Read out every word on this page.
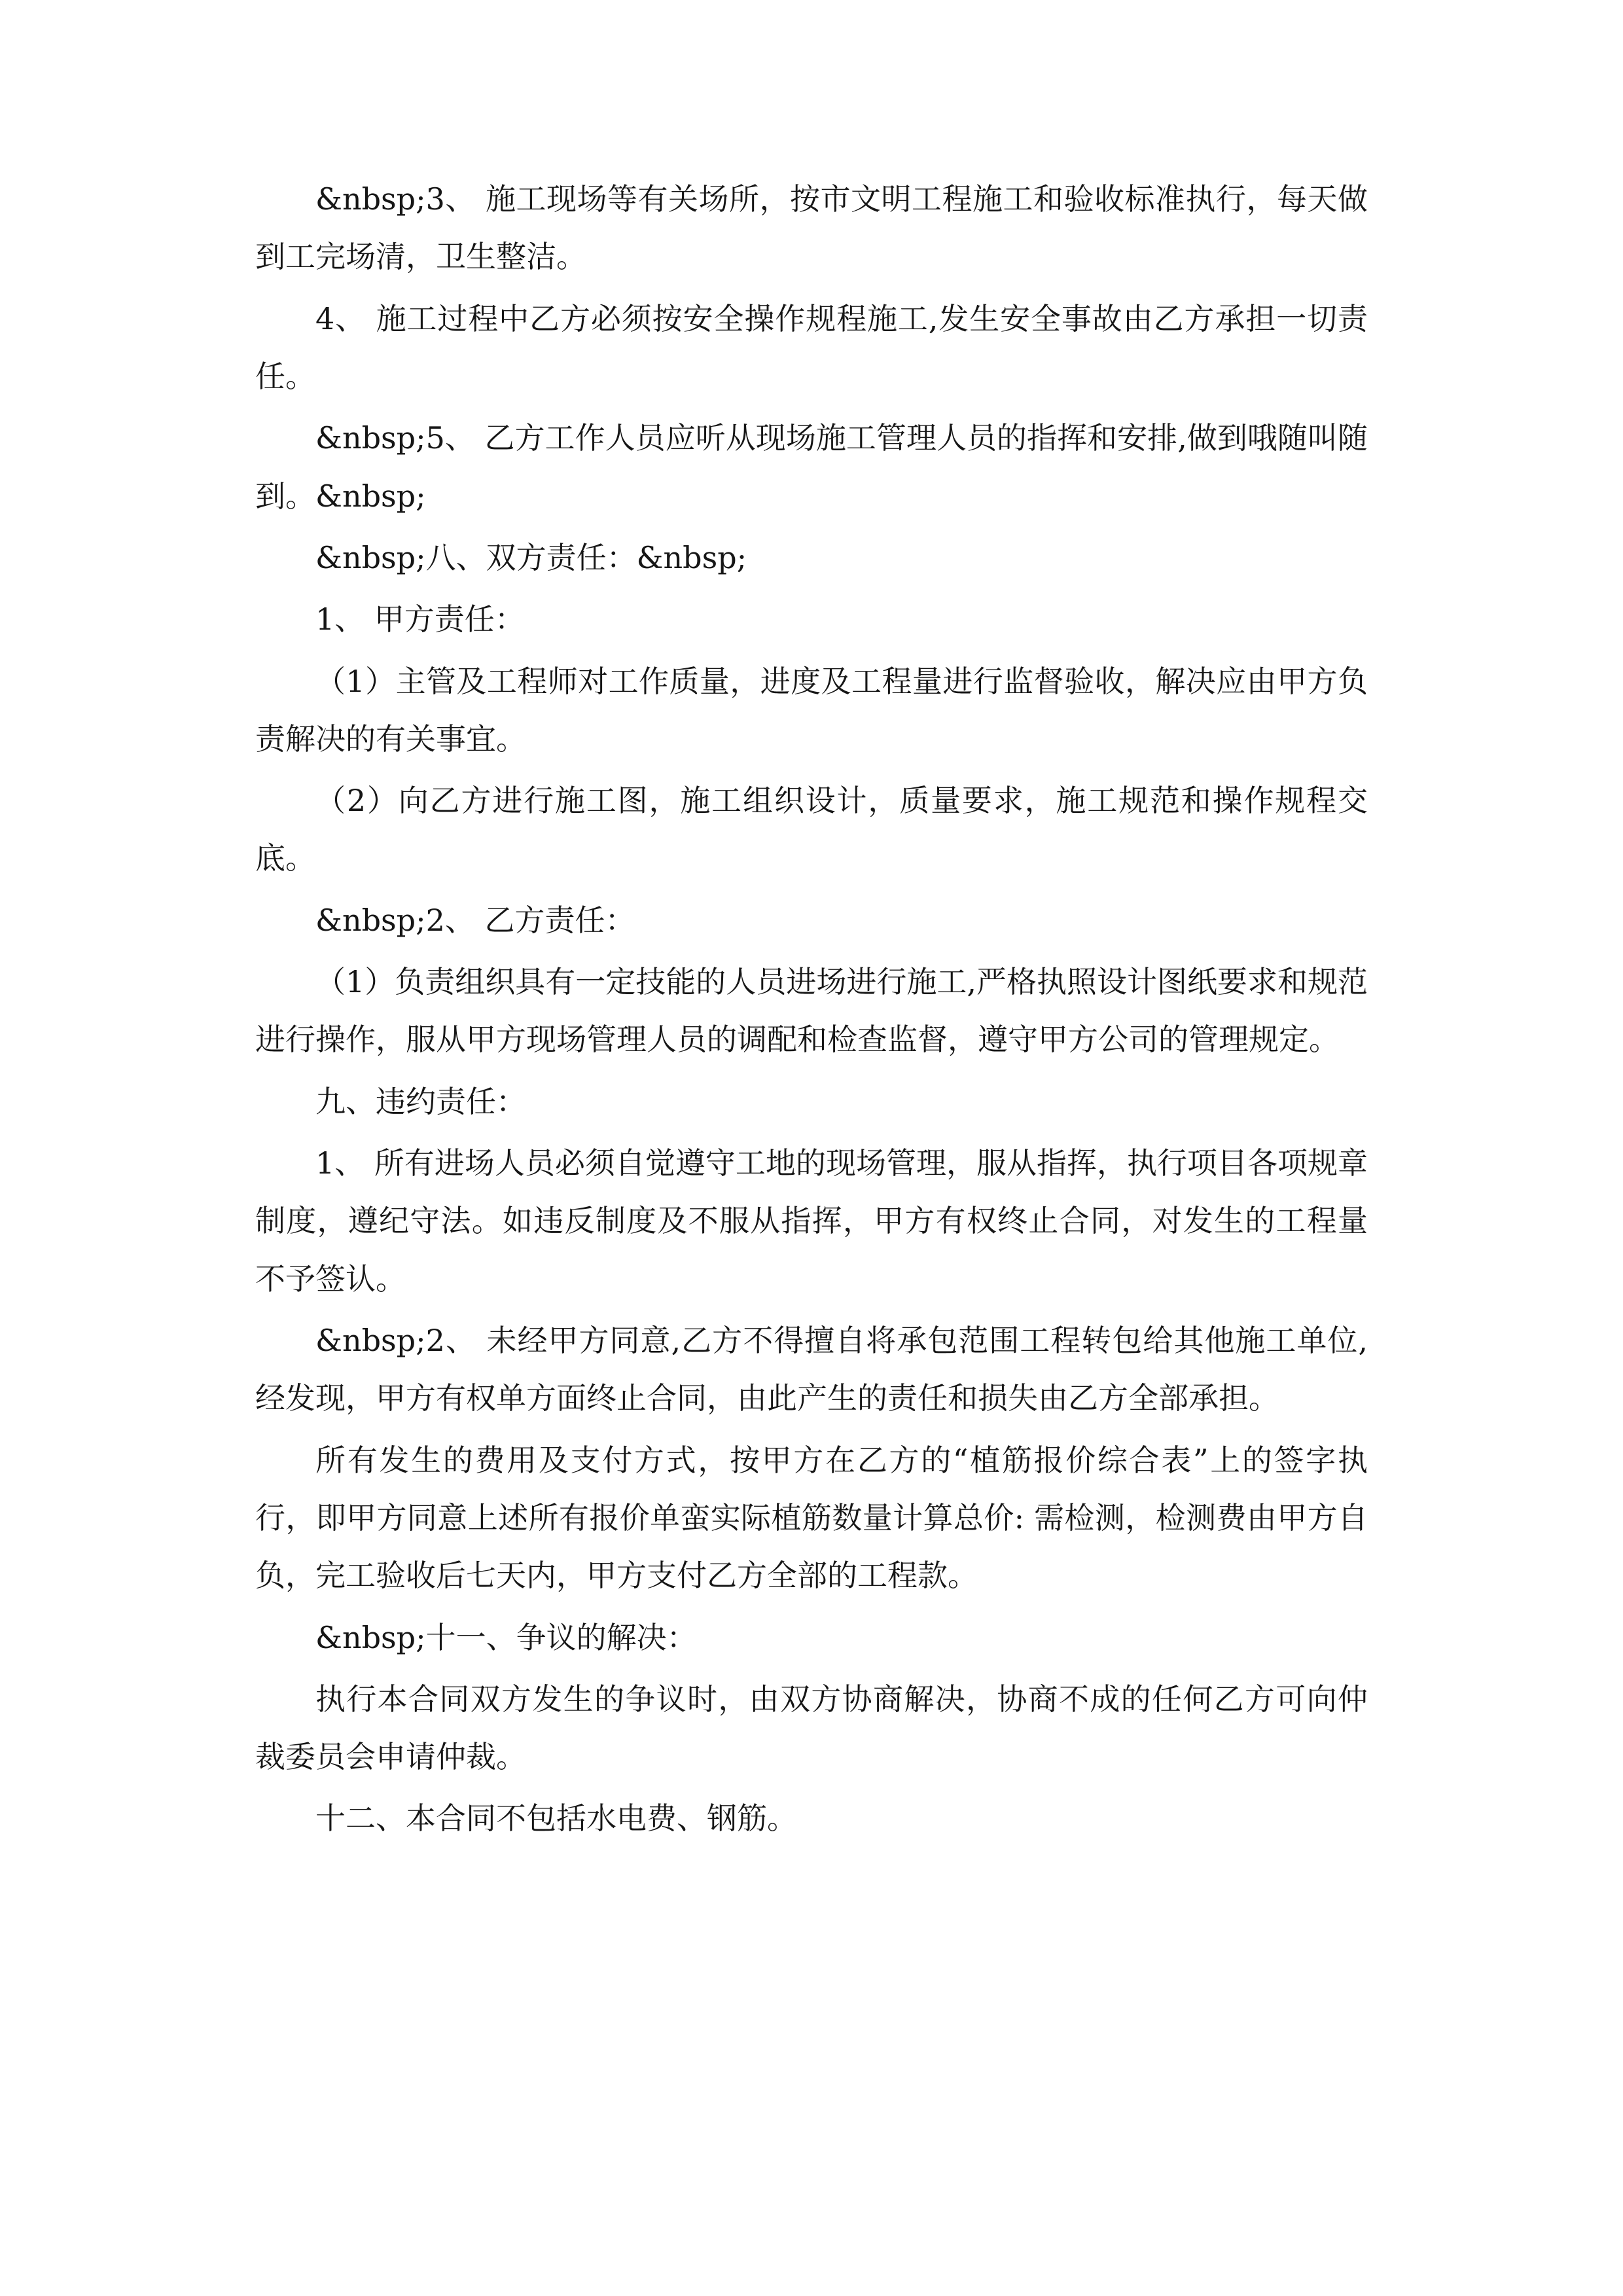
&nbsp;3、 施工现场等有关场所，按市文明工程施工和验收标准执行，每天做到工完场清，卫生整洁。

4、 施工过程中乙方必须按安全操作规程施工,发生安全事故由乙方承担一切责任。

&nbsp;5、 乙方工作人员应听从现场施工管理人员的指挥和安排,做到哦随叫随到。&nbsp;

&nbsp;八、双方责任：&nbsp;

1、 甲方责任：

（1）主管及工程师对工作质量，进度及工程量进行监督验收，解决应由甲方负责解决的有关事宜。

（2）向乙方进行施工图，施工组织设计，质量要求，施工规范和操作规程交底。

&nbsp;2、 乙方责任：

（1）负责组织具有一定技能的人员进场进行施工,严格执照设计图纸要求和规范进行操作，服从甲方现场管理人员的调配和检查监督，遵守甲方公司的管理规定。

九、违约责任：

1、 所有进场人员必须自觉遵守工地的现场管理，服从指挥，执行项目各项规章制度，遵纪守法。如违反制度及不服从指挥，甲方有权终止合同，对发生的工程量不予签认。

&nbsp;2、 未经甲方同意,乙方不得擅自将承包范围工程转包给其他施工单位,经发现，甲方有权单方面终止合同，由此产生的责任和损失由乙方全部承担。

所有发生的费用及支付方式，按甲方在乙方的“植筋报价综合表”上的签字执行，即甲方同意上述所有报价单蛮实际植筋数量计算总价: 需检测，检测费由甲方自负，完工验收后七天内，甲方支付乙方全部的工程款。

&nbsp;十一、争议的解决：

执行本合同双方发生的争议时，由双方协商解决，协商不成的任何乙方可向仲裁委员会申请仲裁。

十二、本合同不包括水电费、钢筋。
